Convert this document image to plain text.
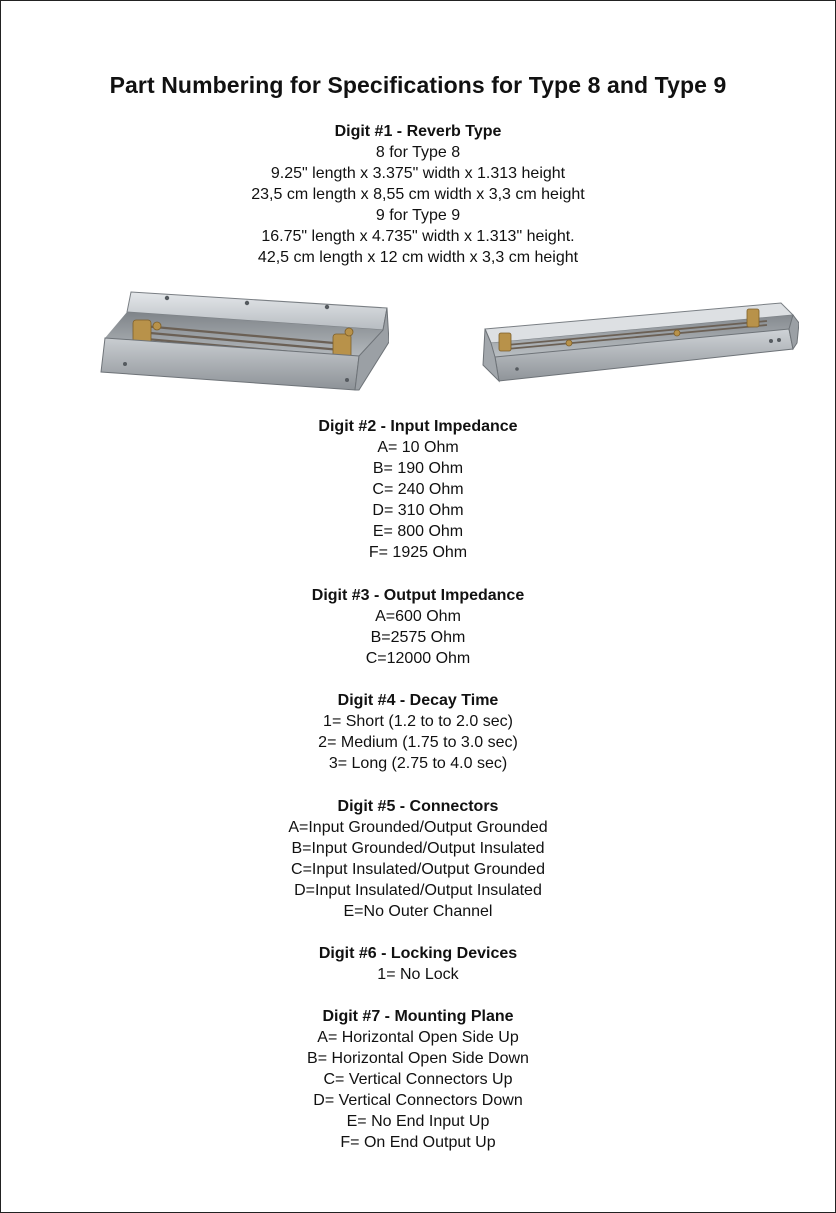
Part Numbering for Specifications for Type 8 and Type 9
Digit #1 - Reverb Type
8 for Type 8
9.25" length x 3.375" width x 1.313 height
23,5 cm length x 8,55 cm width x 3,3 cm height
9 for Type 9
16.75" length x 4.735" width x 1.313" height.
42,5 cm length x 12 cm width x 3,3 cm height
Digit #2 - Input Impedance
A= 10 Ohm
B= 190 Ohm
C= 240 Ohm
D= 310 Ohm
E= 800 Ohm
F= 1925 Ohm
Digit #3 - Output Impedance
A=600 Ohm
B=2575 Ohm
C=12000 Ohm
Digit #4 - Decay Time
1= Short (1.2 to to 2.0 sec)
2= Medium (1.75 to 3.0 sec)
3= Long (2.75 to 4.0 sec)
Digit #5 - Connectors
A=Input Grounded/Output Grounded
B=Input Grounded/Output Insulated
C=Input Insulated/Output Grounded
D=Input Insulated/Output Insulated
E=No Outer Channel
Digit #6 - Locking Devices
1= No Lock
Digit #7 - Mounting Plane
A= Horizontal Open Side Up
B= Horizontal Open Side Down
C= Vertical Connectors Up
D= Vertical Connectors Down
E= No End Input Up
F= On End Output Up
